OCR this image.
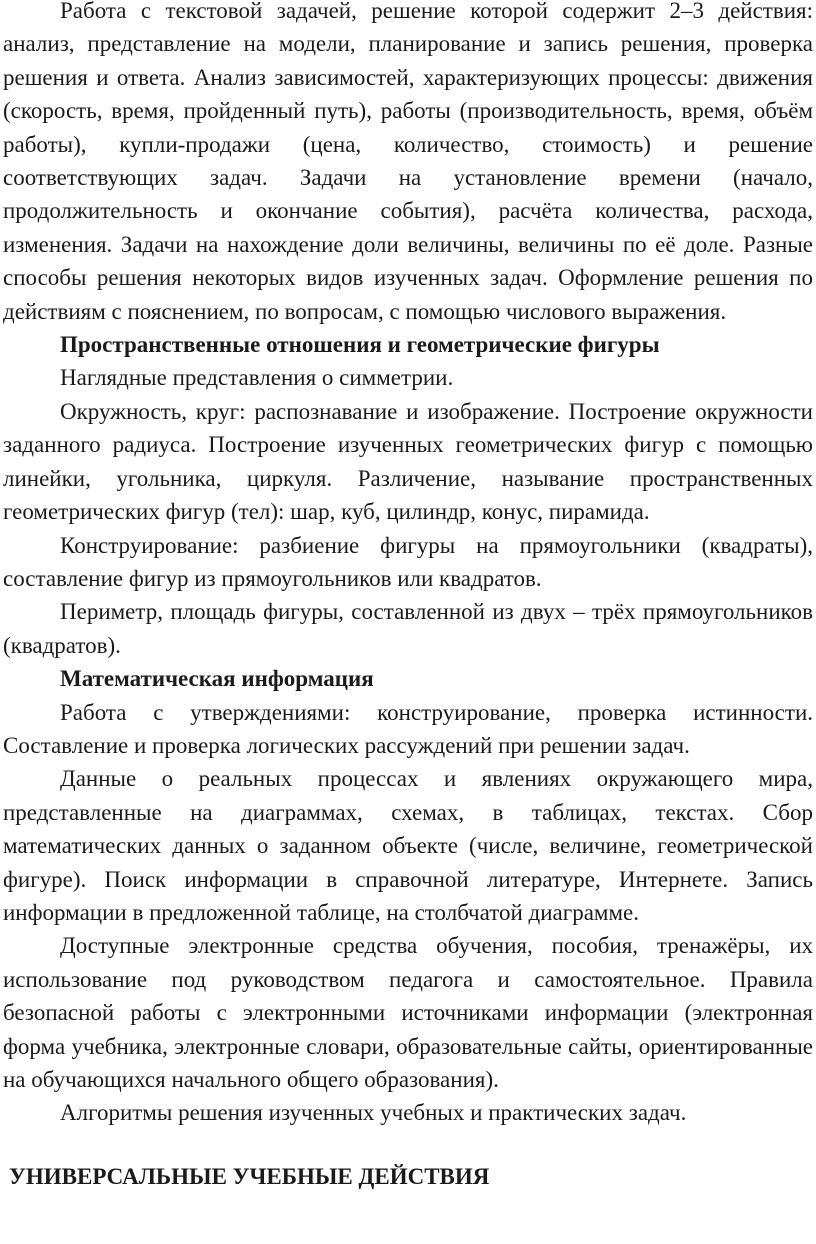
Работа с текстовой задачей, решение которой содержит 2–3 действия: анализ, представление на модели, планирование и запись решения, проверка решения и ответа. Анализ зависимостей, характеризующих процессы: движения (скорость, время, пройденный путь), работы (производительность, время, объём работы), купли-продажи (цена, количество, стоимость) и решение соответствующих задач. Задачи на установление времени (начало, продолжительность и окончание события), расчёта количества, расхода, изменения. Задачи на нахождение доли величины, величины по её доле. Разные способы решения некоторых видов изученных задач. Оформление решения по действиям с пояснением, по вопросам, с помощью числового выражения.

Пространственные отношения и геометрические фигуры

Наглядные представления о симметрии.

Окружность, круг: распознавание и изображение. Построение окружности заданного радиуса. Построение изученных геометрических фигур с помощью линейки, угольника, циркуля. Различение, называние пространственных геометрических фигур (тел): шар, куб, цилиндр, конус, пирамида.

Конструирование: разбиение фигуры на прямоугольники (квадраты), составление фигур из прямоугольников или квадратов.

Периметр, площадь фигуры, составленной из двух – трёх прямоугольников (квадратов).

Математическая информация

Работа с утверждениями: конструирование, проверка истинности. Составление и проверка логических рассуждений при решении задач.

Данные о реальных процессах и явлениях окружающего мира, представленные на диаграммах, схемах, в таблицах, текстах. Сбор математических данных о заданном объекте (числе, величине, геометрической фигуре). Поиск информации в справочной литературе, Интернете. Запись информации в предложенной таблице, на столбчатой диаграмме.

Доступные электронные средства обучения, пособия, тренажёры, их использование под руководством педагога и самостоятельное. Правила безопасной работы с электронными источниками информации (электронная форма учебника, электронные словари, образовательные сайты, ориентированные на обучающихся начального общего образования).

Алгоритмы решения изученных учебных и практических задач.

УНИВЕРСАЛЬНЫЕ УЧЕБНЫЕ ДЕЙСТВИЯ
